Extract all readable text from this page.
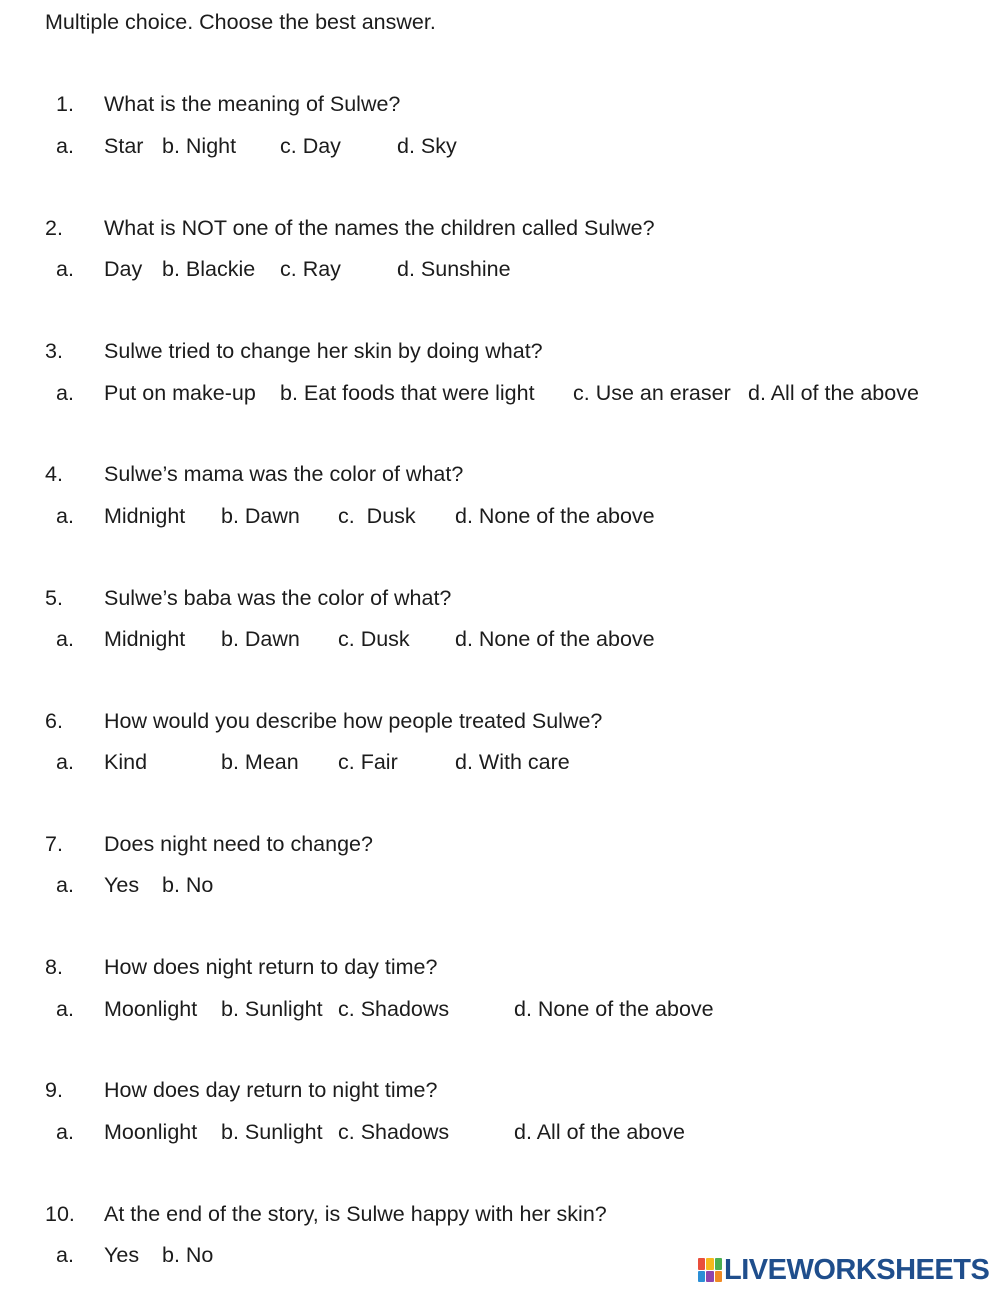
Multiple choice. Choose the best answer.
1. What is the meaning of Sulwe?
a. Star b. Night c. Day	d. Sky
2. What is NOT one of the names the children called Sulwe?
a. Day b. Blackie c. Ray	d. Sunshine
3. Sulwe tried to change her skin by doing what?
a. Put on make-up b. Eat foods that were light c. Use an eraser d. All of the above
4. Sulwe’s mama was the color of what?
a. Midnight b. Dawn c.  Dusk d. None of the above
5. Sulwe’s baba was the color of what?
a. Midnight b. Dawn c. Dusk d. None of the above
6. How would you describe how people treated Sulwe?
a. Kind	b. Mean c. Fair	d. With care
7. Does night need to change?
a. Yes b. No
8. How does night return to day time?
a. Moonlight b. Sunlight c. Shadows	d. None of the above
9. How does day return to night time?
a. Moonlight b. Sunlight c. Shadows	d. All of the above
10. At the end of the story, is Sulwe happy with her skin?
a. Yes b. No	LIVEWORKSHEETS
